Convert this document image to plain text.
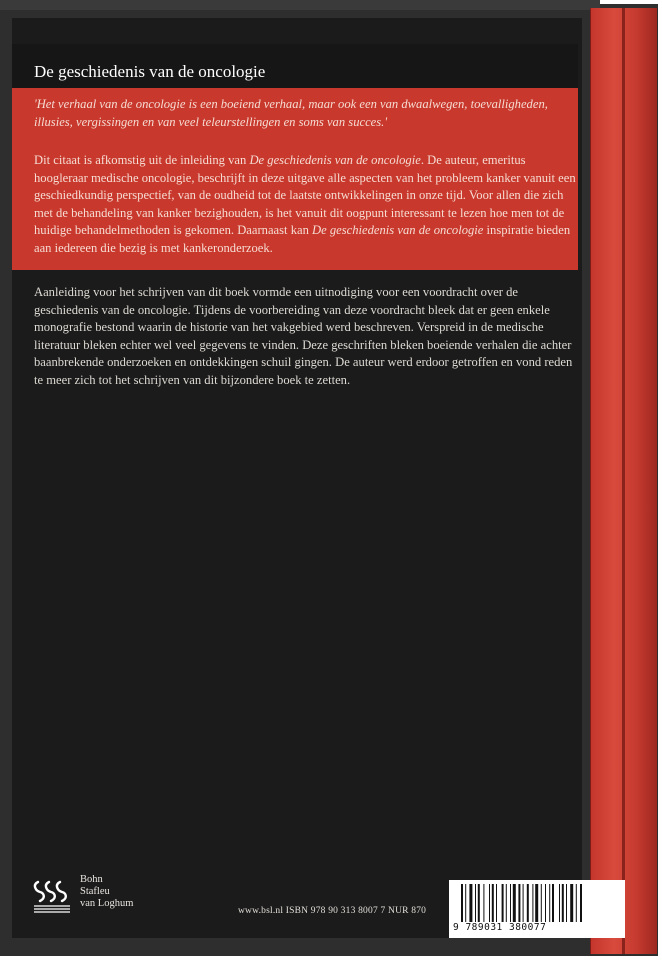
De geschiedenis van de oncologie

'Het verhaal van de oncologie is een boeiend verhaal, maar ook een van dwaalwegen, toevalligheden, illusies, vergissingen en van veel teleurstellingen en soms van succes.'

Dit citaat is afkomstig uit de inleiding van De geschiedenis van de oncologie. De auteur, emeritus hoogleraar medische oncologie, beschrijft in deze uitgave alle aspecten van het probleem kanker vanuit een geschiedkundig perspectief, van de oudheid tot de laatste ontwikkelingen in onze tijd. Voor allen die zich met de behandeling van kanker bezighouden, is het vanuit dit oogpunt interessant te lezen hoe men tot de huidige behandelmethoden is gekomen. Daarnaast kan De geschiedenis van de oncologie inspiratie bieden aan iedereen die bezig is met kankeronderzoek.

Aanleiding voor het schrijven van dit boek vormde een uitnodiging voor een voordracht over de geschiedenis van de oncologie. Tijdens de voorbereiding van deze voordracht bleek dat er geen enkele monografie bestond waarin de historie van het vakgebied werd beschreven. Verspreid in de medische literatuur bleken echter wel veel gegevens te vinden. Deze geschriften bleken boeiende verhalen die achter baanbrekende onderzoeken en ontdekkingen schuil gingen. De auteur werd erdoor getroffen en vond reden te meer zich tot het schrijven van dit bijzondere boek te zetten.

Bohn
Stafleu
van Loghum
www.bsl.nl ISBN 978 90 313 8007 7 NUR 870
9 789031 380077
